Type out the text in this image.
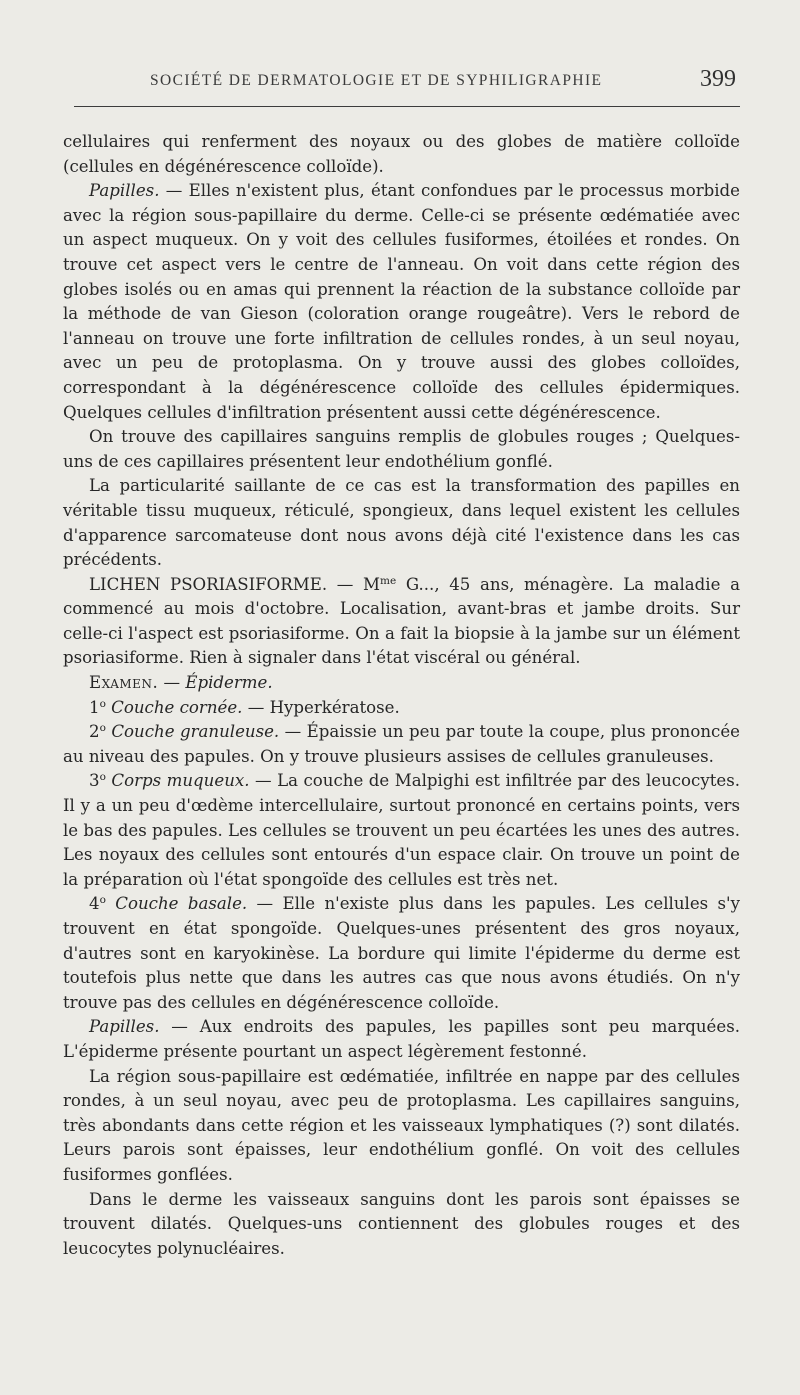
SOCIÉTÉ DE DERMATOLOGIE ET DE SYPHILIGRAPHIE	399

cellulaires qui renferment des noyaux ou des globes de matière colloïde (cellules en dégénérescence colloïde).

Papilles. — Elles n'existent plus, étant confondues par le processus morbide avec la région sous-papillaire du derme. Celle-ci se présente œdématiée avec un aspect muqueux. On y voit des cellules fusiformes, étoilées et rondes. On trouve cet aspect vers le centre de l'anneau. On voit dans cette région des globes isolés ou en amas qui prennent la réaction de la substance colloïde par la méthode de van Gieson (coloration orange rougeâtre). Vers le rebord de l'anneau on trouve une forte infiltration de cellules rondes, à un seul noyau, avec un peu de protoplasma. On y trouve aussi des globes colloïdes, correspondant à la dégénérescence colloïde des cellules épidermiques. Quelques cellules d'infiltration présentent aussi cette dégénérescence.

On trouve des capillaires sanguins remplis de globules rouges ; Quelques-uns de ces capillaires présentent leur endothélium gonflé.

La particularité saillante de ce cas est la transformation des papilles en véritable tissu muqueux, réticulé, spongieux, dans lequel existent les cellules d'apparence sarcomateuse dont nous avons déjà cité l'existence dans les cas précédents.

LICHEN PSORIASIFORME. — $M^{me}$ G..., 45 ans, ménagère. La maladie a commencé au mois d'octobre. Localisation, avant-bras et jambe droits. Sur celle-ci l'aspect est psoriasiforme. On a fait la biopsie à la jambe sur un élément psoriasiforme. Rien à signaler dans l'état viscéral ou général.

Examen. — Épiderme.

1$^o$ Couche cornée. — Hyperkératose.

2$^o$ Couche granuleuse. — Épaissie un peu par toute la coupe, plus prononcée au niveau des papules. On y trouve plusieurs assises de cellules granuleuses.

3$^o$ Corps muqueux. — La couche de Malpighi est infiltrée par des leucocytes. Il y a un peu d'œdème intercellulaire, surtout prononcé en certains points, vers le bas des papules. Les cellules se trouvent un peu écartées les unes des autres. Les noyaux des cellules sont entourés d'un espace clair. On trouve un point de la préparation où l'état spongoïde des cellules est très net.

4$^o$ Couche basale. — Elle n'existe plus dans les papules. Les cellules s'y trouvent en état spongoïde. Quelques-unes présentent des gros noyaux, d'autres sont en karyokinèse. La bordure qui limite l'épiderme du derme est toutefois plus nette que dans les autres cas que nous avons étudiés. On n'y trouve pas des cellules en dégénérescence colloïde.

Papilles. — Aux endroits des papules, les papilles sont peu marquées. L'épiderme présente pourtant un aspect légèrement festonné.

La région sous-papillaire est œdématiée, infiltrée en nappe par des cellules rondes, à un seul noyau, avec peu de protoplasma. Les capillaires sanguins, très abondants dans cette région et les vaisseaux lymphatiques (?) sont dilatés. Leurs parois sont épaisses, leur endothélium gonflé. On voit des cellules fusiformes gonflées.

Dans le derme les vaisseaux sanguins dont les parois sont épaisses se trouvent dilatés. Quelques-uns contiennent des globules rouges et des leucocytes polynucléaires.
